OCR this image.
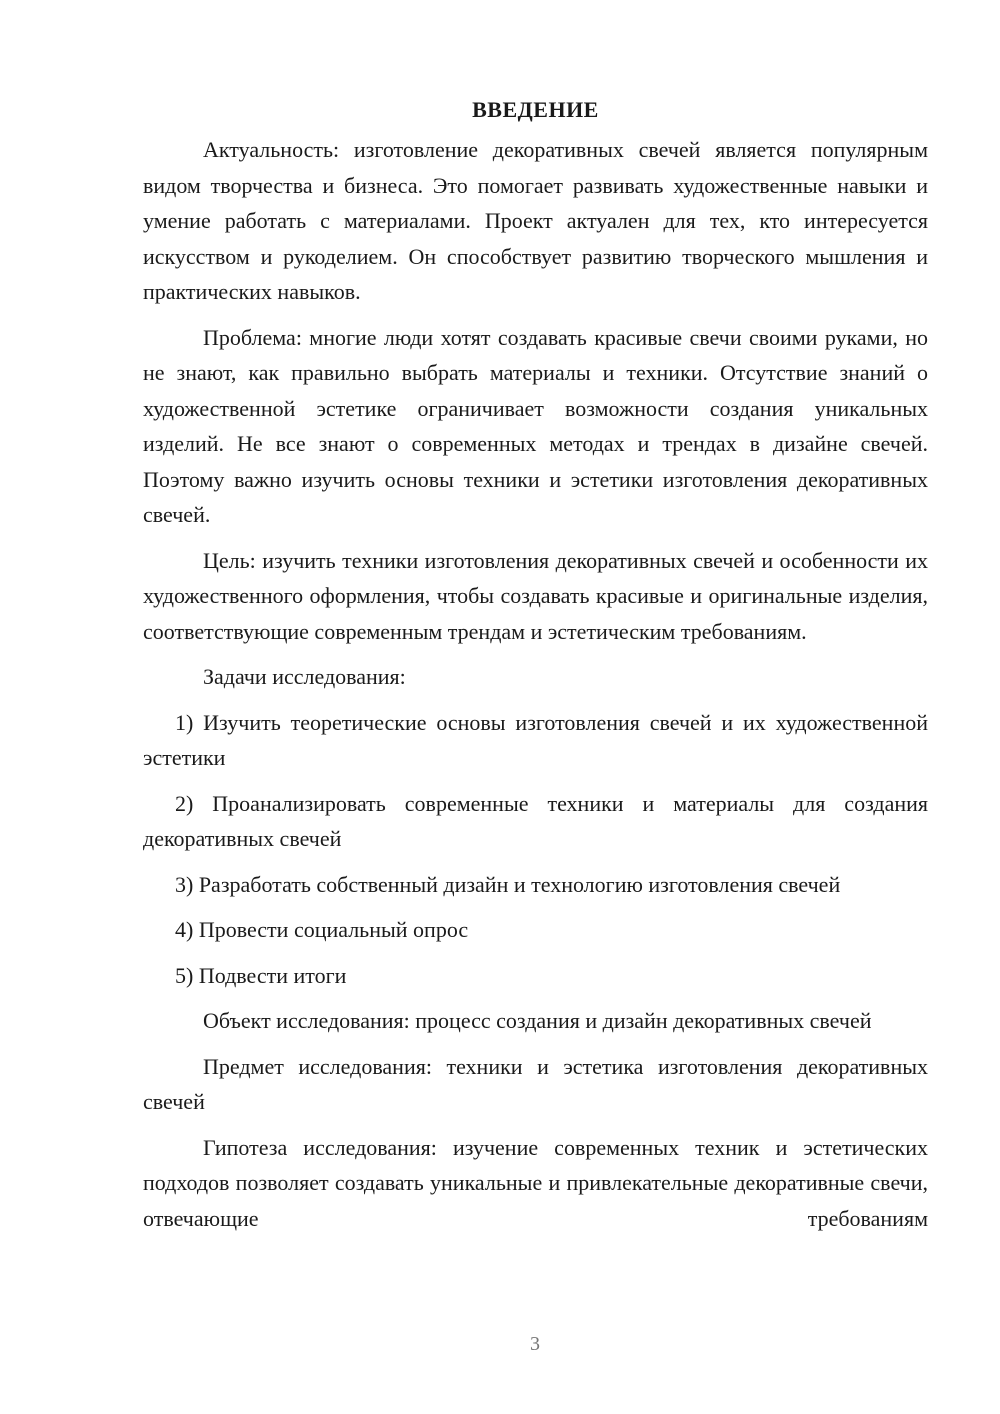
ВВЕДЕНИЕ

Актуальность: изготовление декоративных свечей является популярным видом творчества и бизнеса. Это помогает развивать художественные навыки и умение работать с материалами. Проект актуален для тех, кто интересуется искусством и рукоделием. Он способствует развитию творческого мышления и практических навыков.

Проблема: многие люди хотят создавать красивые свечи своими руками, но не знают, как правильно выбрать материалы и техники. Отсутствие знаний о художественной эстетике ограничивает возможности создания уникальных изделий. Не все знают о современных методах и трендах в дизайне свечей. Поэтому важно изучить основы техники и эстетики изготовления декоративных свечей.

Цель: изучить техники изготовления декоративных свечей и особенности их художественного оформления, чтобы создавать красивые и оригинальные изделия, соответствующие современным трендам и эстетическим требованиям.

Задачи исследования:

1) Изучить теоретические основы изготовления свечей и их художественной эстетики

2) Проанализировать современные техники и материалы для создания декоративных свечей

3) Разработать собственный дизайн и технологию изготовления свечей

4) Провести социальный опрос

5) Подвести итоги

Объект исследования: процесс создания и дизайн декоративных свечей

Предмет исследования: техники и эстетика изготовления декоративных свечей

Гипотеза исследования: изучение современных техник и эстетических подходов позволяет создавать уникальные и привлекательные декоративные свечи, отвечающие требованиям

3
